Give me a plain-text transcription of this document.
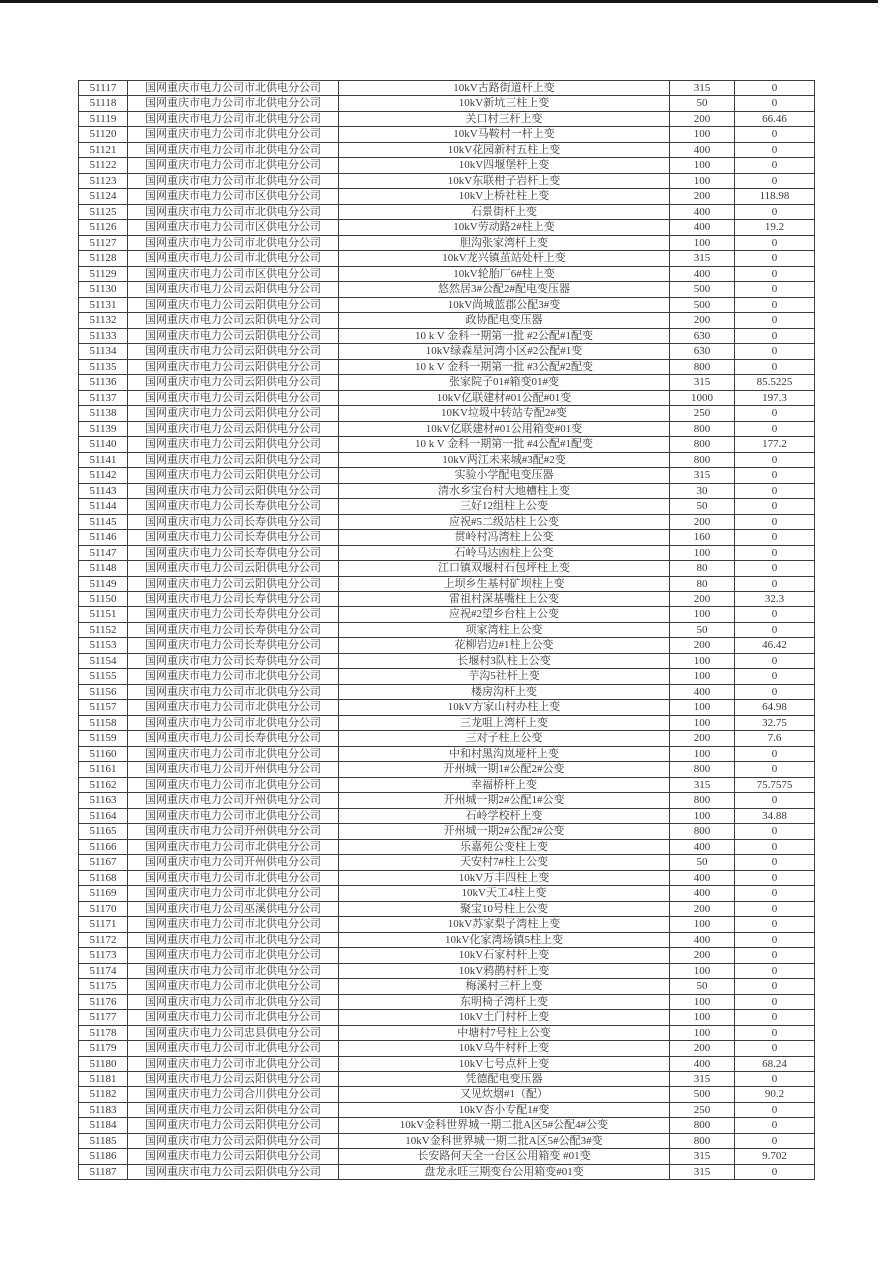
51117	国网重庆市电力公司市北供电分公司	10kV古路街道杆上变	315	0
51118	国网重庆市电力公司市北供电分公司	10kV新坑三柱上变	50	0
51119	国网重庆市电力公司市北供电分公司	关口村三杆上变	200	66.46
51120	国网重庆市电力公司市北供电分公司	10kV马鞍村一杆上变	100	0
51121	国网重庆市电力公司市北供电分公司	10kV花园新村五柱上变	400	0
51122	国网重庆市电力公司市北供电分公司	10kV四堰堡杆上变	100	0
51123	国网重庆市电力公司市北供电分公司	10kV东联柑子岩杆上变	100	0
51124	国网重庆市电力公司市区供电分公司	10kV上桥社柱上变	200	118.98
51125	国网重庆市电力公司市北供电分公司	石景街杆上变	400	0
51126	国网重庆市电力公司市区供电分公司	10kV劳动路2#柱上变	400	19.2
51127	国网重庆市电力公司市北供电分公司	胆沟张家湾杆上变	100	0
51128	国网重庆市电力公司市北供电分公司	10kV龙兴镇茧站处杆上变	315	0
51129	国网重庆市电力公司市区供电分公司	10kV轮胎厂6#柱上变	400	0
51130	国网重庆市电力公司云阳供电分公司	悠然居3#公配2#配电变压器	500	0
51131	国网重庆市电力公司云阳供电分公司	10kV尚城蓝郡公配3#变	500	0
51132	国网重庆市电力公司云阳供电分公司	政协配电变压器	200	0
51133	国网重庆市电力公司云阳供电分公司	10 k V 金科一期第一批 #2公配#1配变	630	0
51134	国网重庆市电力公司云阳供电分公司	10kV绿森星河湾小区#2公配#1变	630	0
51135	国网重庆市电力公司云阳供电分公司	10 k V 金科一期第一批 #3公配#2配变	800	0
51136	国网重庆市电力公司云阳供电分公司	张家院子01#箱变01#变	315	85.5225
51137	国网重庆市电力公司云阳供电分公司	10kV亿联建材#01公配#01变	1000	197.3
51138	国网重庆市电力公司云阳供电分公司	10KV垃圾中转站专配2#变	250	0
51139	国网重庆市电力公司云阳供电分公司	10kV亿联建材#01公用箱变#01变	800	0
51140	国网重庆市电力公司云阳供电分公司	10 k V 金科一期第一批 #4公配#1配变	800	177.2
51141	国网重庆市电力公司云阳供电分公司	10kV两江未来城#3配#2变	800	0
51142	国网重庆市电力公司云阳供电分公司	实验小学配电变压器	315	0
51143	国网重庆市电力公司云阳供电分公司	清水乡宝台村大地槽柱上变	30	0
51144	国网重庆市电力公司长寿供电分公司	三好12组柱上公变	50	0
51145	国网重庆市电力公司长寿供电分公司	应祝#5二级站柱上公变	200	0
51146	国网重庆市电力公司长寿供电分公司	贯岭村冯湾柱上公变	160	0
51147	国网重庆市电力公司长寿供电分公司	石岭马达凼柱上公变	100	0
51148	国网重庆市电力公司云阳供电分公司	江口镇双堰村石包坪柱上变	80	0
51149	国网重庆市电力公司云阳供电分公司	上坝乡生基村矿坝柱上变	80	0
51150	国网重庆市电力公司长寿供电分公司	雷祖村深基嘴柱上公变	200	32.3
51151	国网重庆市电力公司长寿供电分公司	应祝#2望乡台柱上公变	100	0
51152	国网重庆市电力公司长寿供电分公司	项家湾柱上公变	50	0
51153	国网重庆市电力公司长寿供电分公司	花柳岩边#1柱上公变	200	46.42
51154	国网重庆市电力公司长寿供电分公司	长堰村3队柱上公变	100	0
51155	国网重庆市电力公司市北供电分公司	芋沟5社杆上变	100	0
51156	国网重庆市电力公司市北供电分公司	楼房沟杆上变	400	0
51157	国网重庆市电力公司市北供电分公司	10kV方家山村办柱上变	100	64.98
51158	国网重庆市电力公司市北供电分公司	三龙咀上湾杆上变	100	32.75
51159	国网重庆市电力公司长寿供电分公司	三对子柱上公变	200	7.6
51160	国网重庆市电力公司市北供电分公司	中和村黑沟岚垭杆上变	100	0
51161	国网重庆市电力公司开州供电分公司	开州城一期1#公配2#公变	800	0
51162	国网重庆市电力公司市北供电分公司	幸福桥杆上变	315	75.7575
51163	国网重庆市电力公司开州供电分公司	开州城一期2#公配1#公变	800	0
51164	国网重庆市电力公司市北供电分公司	石岭学校杆上变	100	34.88
51165	国网重庆市电力公司开州供电分公司	开州城一期2#公配2#公变	800	0
51166	国网重庆市电力公司市北供电分公司	乐嘉苑公变柱上变	400	0
51167	国网重庆市电力公司开州供电分公司	天安村7#柱上公变	50	0
51168	国网重庆市电力公司市北供电分公司	10kV万丰四柱上变	400	0
51169	国网重庆市电力公司市北供电分公司	10kV天工4柱上变	400	0
51170	国网重庆市电力公司巫溪供电分公司	聚宝10号柱上公变	200	0
51171	国网重庆市电力公司市北供电分公司	10kV苏家梨子湾柱上变	100	0
51172	国网重庆市电力公司市北供电分公司	10kV化家湾场镇5柱上变	400	0
51173	国网重庆市电力公司市北供电分公司	10kV石家村杆上变	200	0
51174	国网重庆市电力公司市北供电分公司	10kV鸦鹊村杆上变	100	0
51175	国网重庆市电力公司市北供电分公司	梅溪村三杆上变	50	0
51176	国网重庆市电力公司市北供电分公司	东明椅子湾杆上变	100	0
51177	国网重庆市电力公司市北供电分公司	10kV土门村杆上变	100	0
51178	国网重庆市电力公司忠县供电分公司	中塘村7号柱上公变	100	0
51179	国网重庆市电力公司市北供电分公司	10kV乌牛村杆上变	200	0
51180	国网重庆市电力公司市北供电分公司	10kV七号点杆上变	400	68.24
51181	国网重庆市电力公司云阳供电分公司	凭德配电变压器	315	0
51182	国网重庆市电力公司合川供电分公司	又见炊烟#1（配）	500	90.2
51183	国网重庆市电力公司云阳供电分公司	10kV杏小专配1#变	250	0
51184	国网重庆市电力公司云阳供电分公司	10kV金科世界城一期二批A区5#公配4#公变	800	0
51185	国网重庆市电力公司云阳供电分公司	10kV金科世界城一期二批A区5#公配3#变	800	0
51186	国网重庆市电力公司云阳供电分公司	长安路何天全一台区公用箱变 #01变	315	9.702
51187	国网重庆市电力公司云阳供电分公司	盘龙永旺三期变台公用箱变#01变	315	0
